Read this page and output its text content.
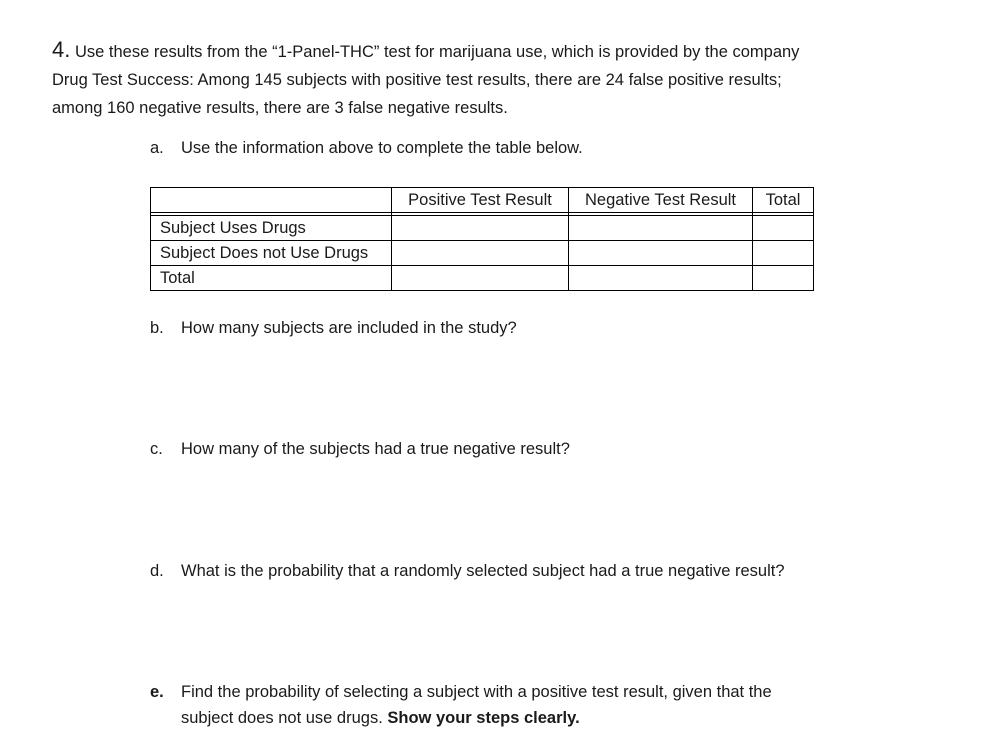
4. Use these results from the “1-Panel-THC” test for marijuana use, which is provided by the company
Drug Test Success: Among 145 subjects with positive test results, there are 24 false positive results;
among 160 negative results, there are 3 false negative results.
a. Use the information above to complete the table below.
	Positive Test Result	Negative Test Result	Total

Subject Uses Drugs			
Subject Does not Use Drugs			
Total			
b. How many subjects are included in the study?
c. How many of the subjects had a true negative result?
d. What is the probability that a randomly selected subject had a true negative result?
e. Find the probability of selecting a subject with a positive test result, given that the
subject does not use drugs. Show your steps clearly.
